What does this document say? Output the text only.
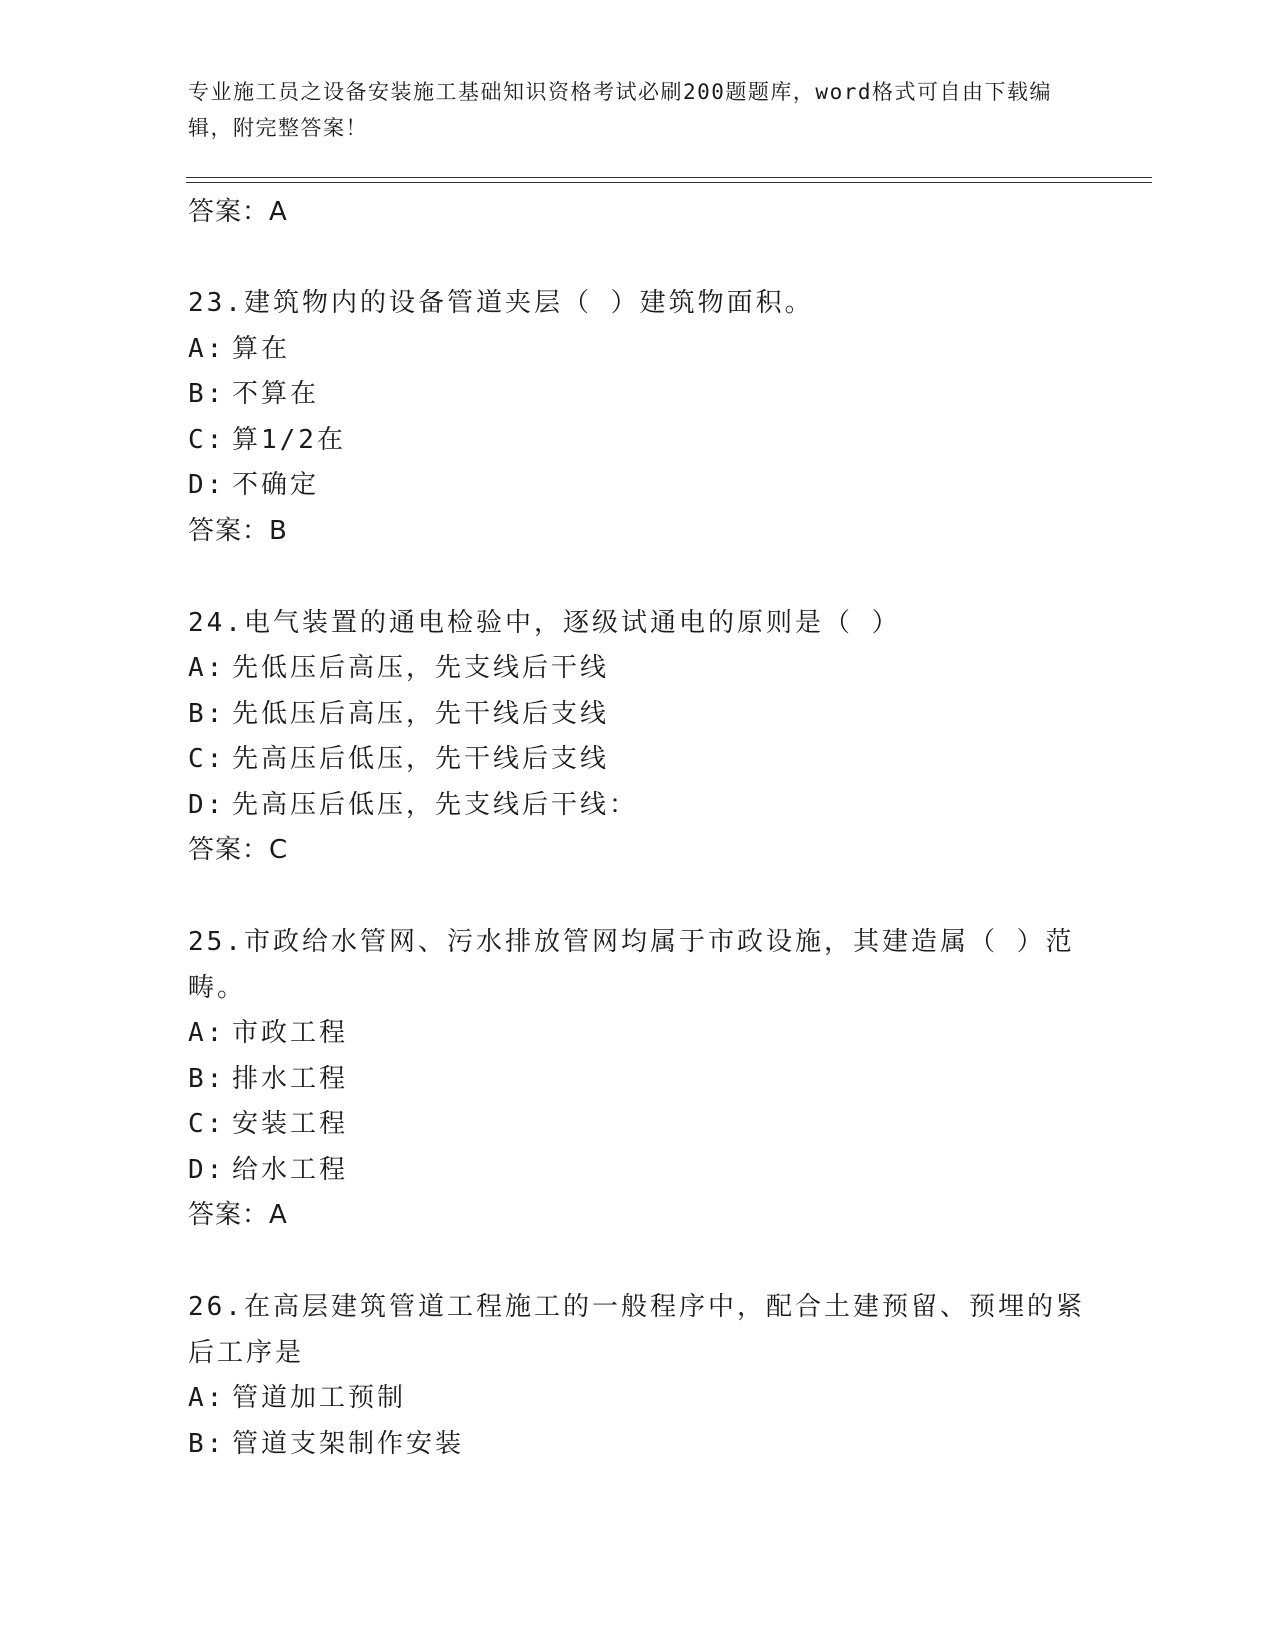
专业施工员之设备安装施工基础知识资格考试必刷200题题库，word格式可自由下载编辑，附完整答案！
答案：A
23.建筑物内的设备管道夹层（ ）建筑物面积。
A: 算在
B: 不算在
C: 算1/2在
D: 不确定
答案：B
24.电气装置的通电检验中，逐级试通电的原则是（ ）
A: 先低压后高压，先支线后干线
B: 先低压后高压，先干线后支线
C: 先高压后低压，先干线后支线
D: 先高压后低压，先支线后干线：
答案：C
25.市政给水管网、污水排放管网均属于市政设施，其建造属（ ）范畴。
A: 市政工程
B: 排水工程
C: 安装工程
D: 给水工程
答案：A
26.在高层建筑管道工程施工的一般程序中，配合土建预留、预埋的紧后工序是
A: 管道加工预制
B: 管道支架制作安装
